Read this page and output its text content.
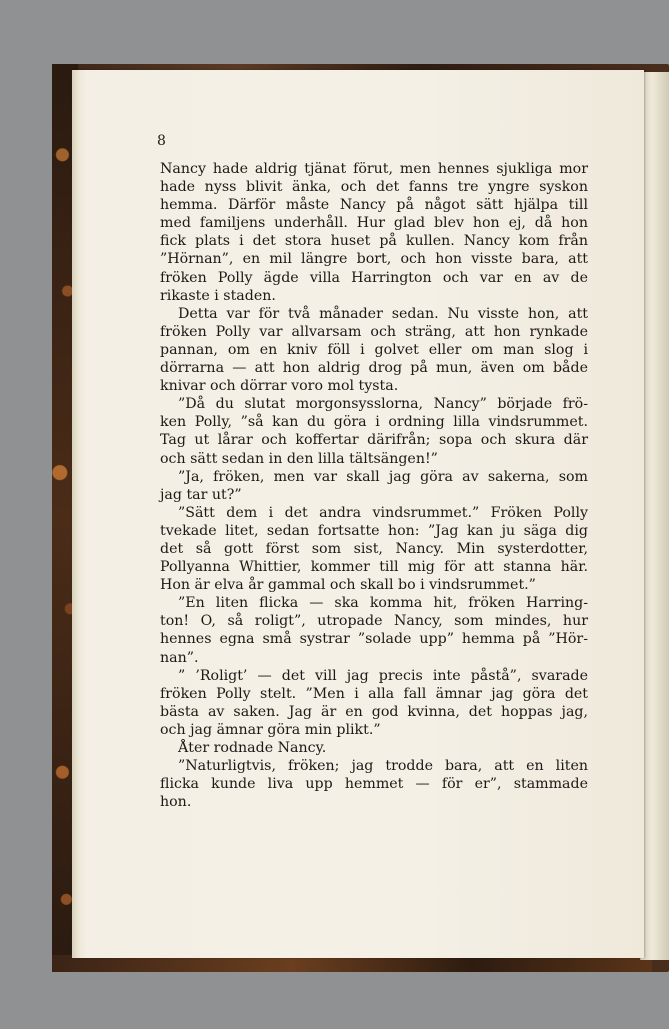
8
Nancy hade aldrig tjänat förut, men hennes sjukliga mor
hade nyss blivit änka, och det fanns tre yngre syskon
hemma. Därför måste Nancy på något sätt hjälpa till
med familjens underhåll. Hur glad blev hon ej, då hon
fick plats i det stora huset på kullen. Nancy kom från
”Hörnan”, en mil längre bort, och hon visste bara, att
fröken Polly ägde villa Harrington och var en av de
rikaste i staden.
Detta var för två månader sedan. Nu visste hon, att
fröken Polly var allvarsam och sträng, att hon rynkade
pannan, om en kniv föll i golvet eller om man slog i
dörrarna — att hon aldrig drog på mun, även om både
knivar och dörrar voro mol tysta.
”Då du slutat morgonsysslorna, Nancy” började frö-
ken Polly, ”så kan du göra i ordning lilla vindsrummet.
Tag ut lårar och koffertar därifrån; sopa och skura där
och sätt sedan in den lilla tältsängen!”
”Ja, fröken, men var skall jag göra av sakerna, som
jag tar ut?”
”Sätt dem i det andra vindsrummet.” Fröken Polly
tvekade litet, sedan fortsatte hon: ”Jag kan ju säga dig
det så gott först som sist, Nancy. Min systerdotter,
Pollyanna Whittier, kommer till mig för att stanna här.
Hon är elva år gammal och skall bo i vindsrummet.”
”En liten flicka — ska komma hit, fröken Harring-
ton! O, så roligt”, utropade Nancy, som mindes, hur
hennes egna små systrar ”solade upp” hemma på ”Hör-
nan”.
” ’Roligt’ — det vill jag precis inte påstå”, svarade
fröken Polly stelt. ”Men i alla fall ämnar jag göra det
bästa av saken. Jag är en god kvinna, det hoppas jag,
och jag ämnar göra min plikt.”
Åter rodnade Nancy.
”Naturligtvis, fröken; jag trodde bara, att en liten
flicka kunde liva upp hemmet — för er”, stammade
hon.
